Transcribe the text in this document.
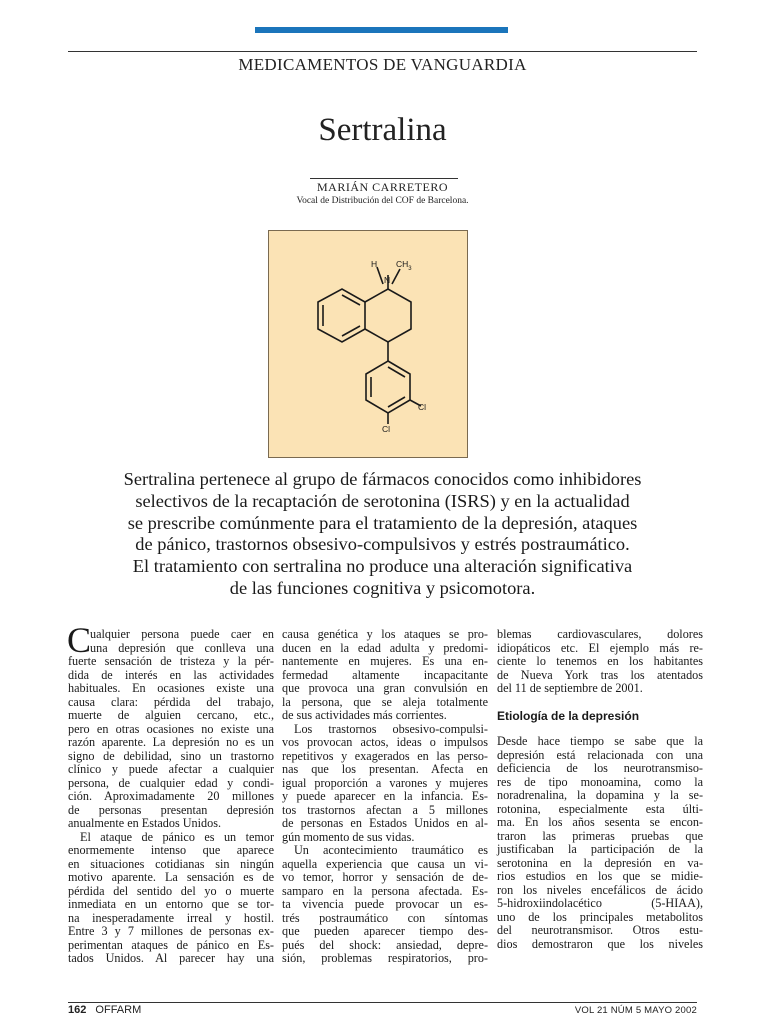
MEDICAMENTOS DE VANGUARDIA
Sertralina
MARIÁN CARRETERO
Vocal de Distribución del COF de Barcelona.
H
N
$CH_3$
Cl
Cl
Sertralina pertenece al grupo de fármacos conocidos como inhibidores
selectivos de la recaptación de serotonina (ISRS) y en la actualidad
se prescribe comúnmente para el tratamiento de la depresión, ataques
de pánico, trastornos obsesivo-compulsivos y estrés postraumático.
El tratamiento con sertralina no produce una alteración significativa
de las funciones cognitiva y psicomotora.
C
ualquier persona puede caer en
una depresión que conlleva una
fuerte sensación de tristeza y la pér-
dida de interés en las actividades
habituales. En ocasiones existe una
causa clara: pérdida del trabajo,
muerte de alguien cercano, etc.,
pero en otras ocasiones no existe una
razón aparente. La depresión no es un
signo de debilidad, sino un trastorno
clínico y puede afectar a cualquier
persona, de cualquier edad y condi-
ción. Aproximadamente 20 millones
de personas presentan depresión
anualmente en Estados Unidos.
El ataque de pánico es un temor
enormemente intenso que aparece
en situaciones cotidianas sin ningún
motivo aparente. La sensación es de
pérdida del sentido del yo o muerte
inmediata en un entorno que se tor-
na inesperadamente irreal y hostil.
Entre 3 y 7 millones de personas ex-
perimentan ataques de pánico en Es-
tados Unidos. Al parecer hay una
causa genética y los ataques se pro-
ducen en la edad adulta y predomi-
nantemente en mujeres. Es una en-
fermedad altamente incapacitante
que provoca una gran convulsión en
la persona, que se aleja totalmente
de sus actividades más corrientes.
Los trastornos obsesivo-compulsi-
vos provocan actos, ideas o impulsos
repetitivos y exagerados en las perso-
nas que los presentan. Afecta en
igual proporción a varones y mujeres
y puede aparecer en la infancia. Es-
tos trastornos afectan a 5 millones
de personas en Estados Unidos en al-
gún momento de sus vidas.
Un acontecimiento traumático es
aquella experiencia que causa un vi-
vo temor, horror y sensación de de-
samparo en la persona afectada. Es-
ta vivencia puede provocar un es-
trés postraumático con síntomas
que pueden aparecer tiempo des-
pués del shock: ansiedad, depre-
sión, problemas respiratorios, pro-
blemas cardiovasculares, dolores
idiopáticos etc. El ejemplo más re-
ciente lo tenemos en los habitantes
de Nueva York tras los atentados
del 11 de septiembre de 2001.
Etiología de la depresión
Desde hace tiempo se sabe que la
depresión está relacionada con una
deficiencia de los neurotransmiso-
res de tipo monoamina, como la
noradrenalina, la dopamina y la se-
rotonina, especialmente esta últi-
ma. En los años sesenta se encon-
traron las primeras pruebas que
justificaban la participación de la
serotonina en la depresión en va-
rios estudios en los que se midie-
ron los niveles encefálicos de ácido
5-hidroxiindolacético (5-HIAA),
uno de los principales metabolitos
del neurotransmisor. Otros estu-
dios demostraron que los niveles
162 OFFARM	VOL 21 NÚM 5 MAYO 2002
